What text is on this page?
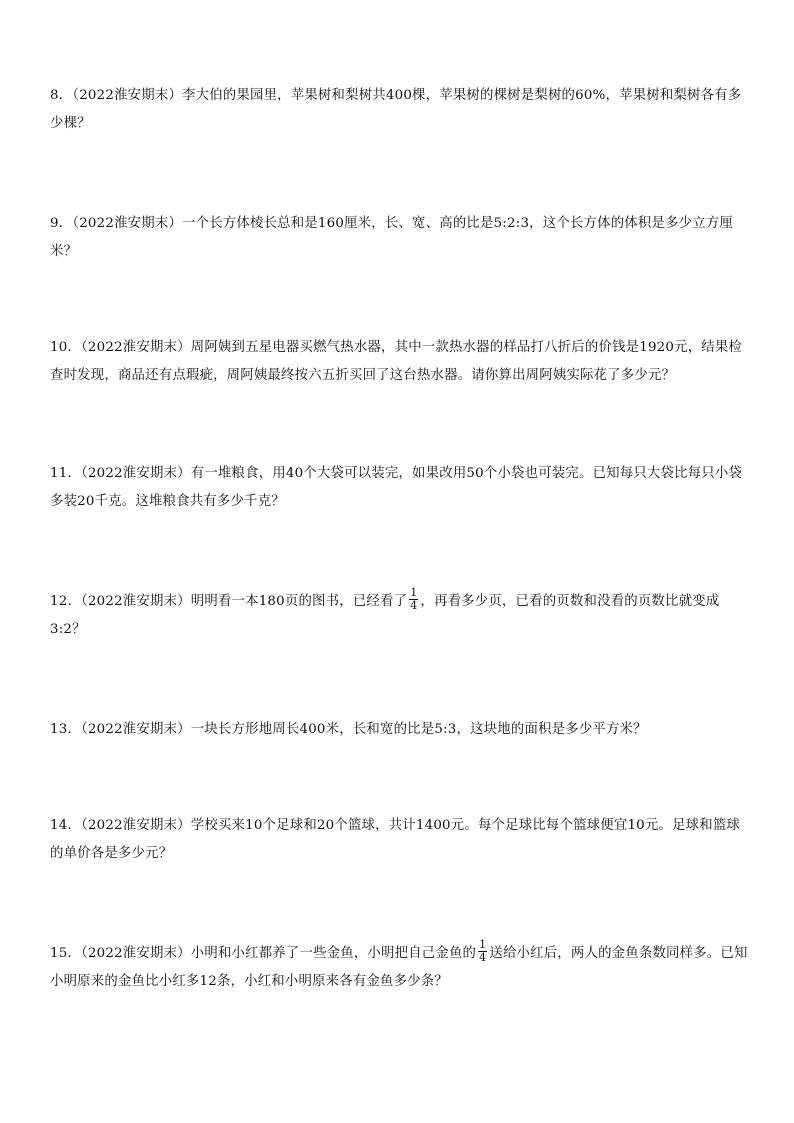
8．（2022淮安期末）李大伯的果园里，苹果树和梨树共400棵，苹果树的棵树是梨树的60%，苹果树和梨树各有多少棵？
9．（2022淮安期末）一个长方体棱长总和是160厘米，长、宽、高的比是5:2:3，这个长方体的体积是多少立方厘米？
10．（2022淮安期末）周阿姨到五星电器买燃气热水器，其中一款热水器的样品打八折后的价钱是1920元，结果检查时发现，商品还有点瑕疵，周阿姨最终按六五折买回了这台热水器。请你算出周阿姨实际花了多少元？
11．（2022淮安期末）有一堆粮食，用40个大袋可以装完，如果改用50个小袋也可装完。已知每只大袋比每只小袋多装20千克。这堆粮食共有多少千克？
12．（2022淮安期末）明明看一本180页的图书，已经看了 $\frac{1}{4}$ ，再看多少页，已看的页数和没看的页数比就变成3:2？
13．（2022淮安期末）一块长方形地周长400米，长和宽的比是5:3，这块地的面积是多少平方米？
14．（2022淮安期末）学校买来10个足球和20个篮球，共计1400元。每个足球比每个篮球便宜10元。足球和篮球的单价各是多少元？
15．（2022淮安期末）小明和小红都养了一些金鱼，小明把自己金鱼的 $\frac{1}{4}$ 送给小红后，两人的金鱼条数同样多。已知小明原来的金鱼比小红多12条，小红和小明原来各有金鱼多少条？
